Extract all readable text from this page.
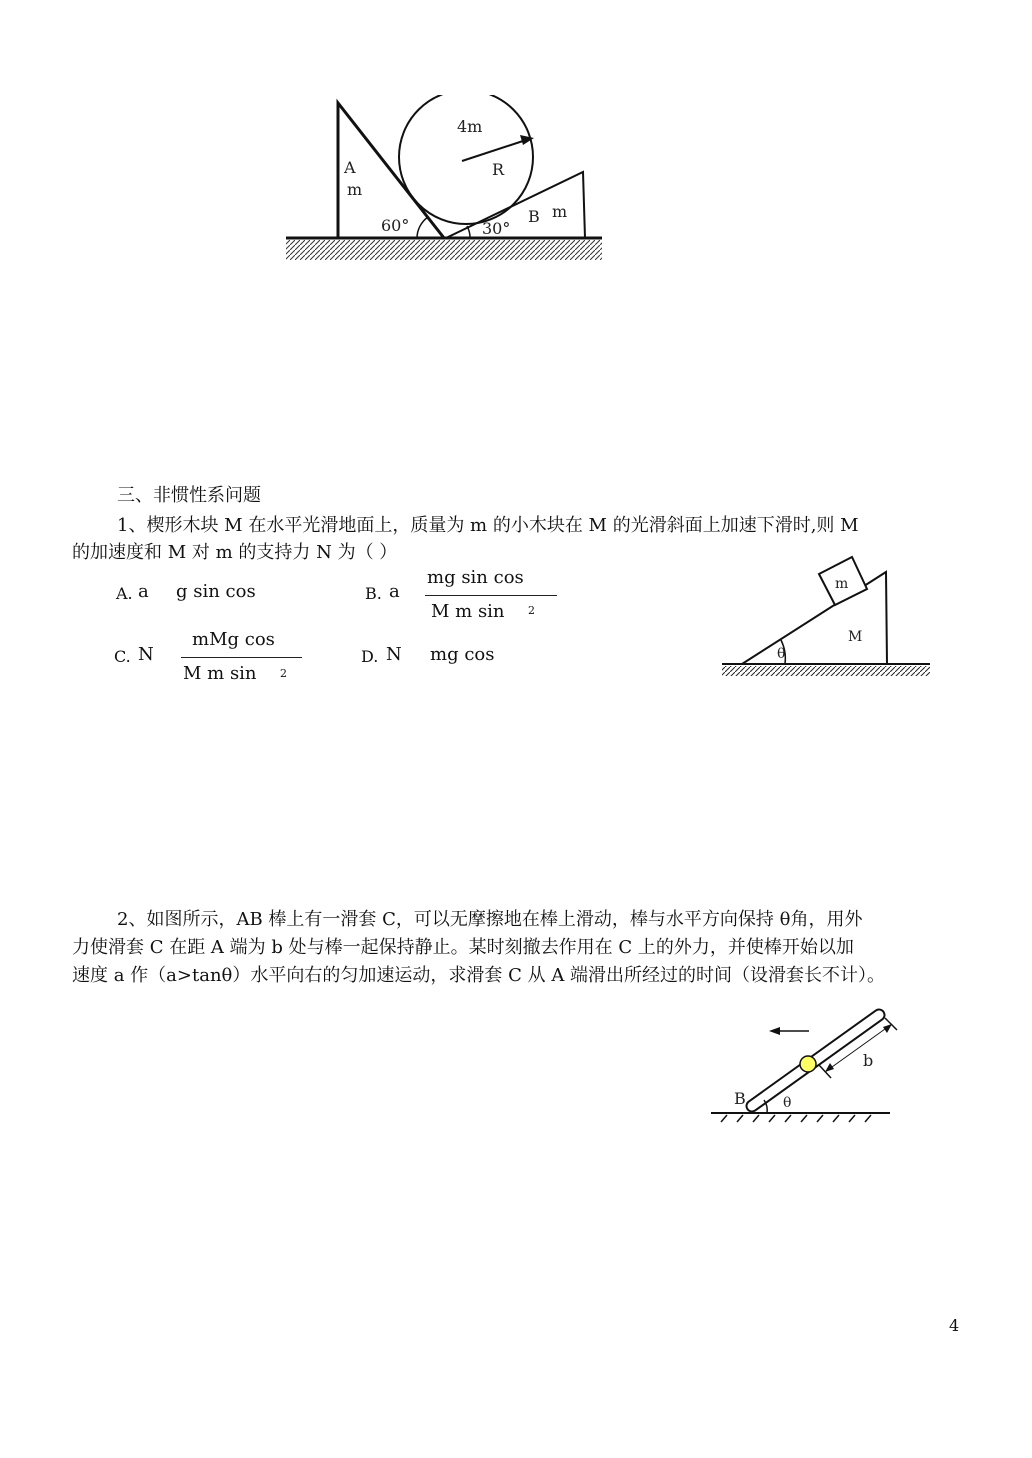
4m
R
A
m
60°	30°
B m
三、非惯性系问题
1、楔形木块 M 在水平光滑地面上，质量为 m 的小木块在 M 的光滑斜面上加速下滑时,则 M
的加速度和 M 对 m 的支持力 N 为（ ）
A. a g sin cos	B. a
mg sin cos
M m sin 2
C. N
mMg cos
M m sin 2
D. N mg cos
m
M
θ
2、如图所示，AB 棒上有一滑套 C，可以无摩擦地在棒上滑动，棒与水平方向保持 θ角，用外
力使滑套 C 在距 A 端为 b 处与棒一起保持静止。某时刻撤去作用在 C 上的外力，并使棒开始以加
速度 a 作（a>tanθ）水平向右的匀加速运动，求滑套 C 从 A 端滑出所经过的时间（设滑套长不计）。
B	θ
b
4
